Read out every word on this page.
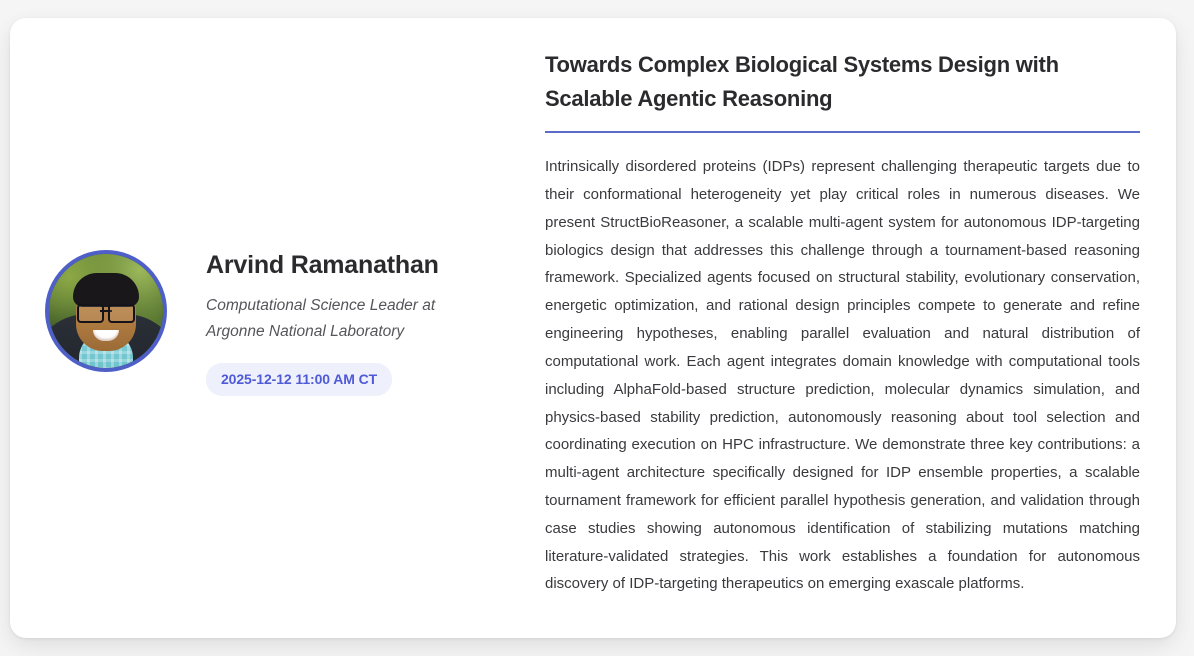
Arvind Ramanathan

Computational Science Leader at Argonne National Laboratory

2025-12-12 11:00 AM CT
Towards Complex Biological Systems Design with Scalable Agentic Reasoning

Intrinsically disordered proteins (IDPs) represent challenging therapeutic targets due to their conformational heterogeneity yet play critical roles in numerous diseases. We present StructBioReasoner, a scalable multi-agent system for autonomous IDP-targeting biologics design that addresses this challenge through a tournament-based reasoning framework. Specialized agents focused on structural stability, evolutionary conservation, energetic optimization, and rational design principles compete to generate and refine engineering hypotheses, enabling parallel evaluation and natural distribution of computational work. Each agent integrates domain knowledge with computational tools including AlphaFold-based structure prediction, molecular dynamics simulation, and physics-based stability prediction, autonomously reasoning about tool selection and coordinating execution on HPC infrastructure. We demonstrate three key contributions: a multi-agent architecture specifically designed for IDP ensemble properties, a scalable tournament framework for efficient parallel hypothesis generation, and validation through case studies showing autonomous identification of stabilizing mutations matching literature-validated strategies. This work establishes a foundation for autonomous discovery of IDP-targeting therapeutics on emerging exascale platforms.
